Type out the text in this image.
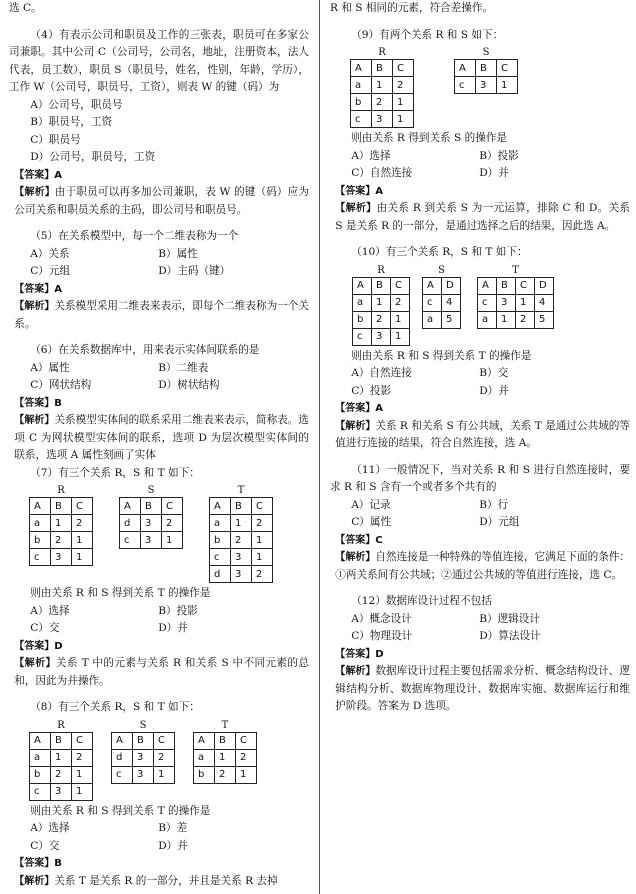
选 C。

（4）有表示公司和职员及工作的三张表，职员可在多家公司兼职。其中公司 C（公司号，公司名，地址，注册资本，法人代表，员工数），职员 S（职员号，姓名，性别，年龄，学历），工作 W（公司号，职员号，工资），则表 W 的键（码）为

A）公司号，职员号
B）职员号，工资
C）职员号
D）公司号，职员号，工资

【答案】A

【解析】由于职员可以再多加公司兼职，表 W 的键（码）应为公司关系和职员关系的主码，即公司号和职员号。

（5）在关系模型中，每一个二维表称为一个

A）关系	B）属性
C）元组	D）主码（键）

【答案】A

【解析】关系模型采用二维表来表示，即每个二维表称为一个关系。

（6）在关系数据库中，用来表示实体间联系的是

A）属性	B）二维表
C）网状结构	D）树状结构

【答案】B

【解析】关系模型实体间的联系采用二维表来表示，简称表。选项 C 为网状模型实体间的联系，选项 D 为层次模型实体间的联系，选项 A 属性刻画了实体

（7）有三个关系 R，S 和 T 如下：

R
A	B	C
a	1	2
b	2	1
c	3	1
S
A	B	C
d	3	2
c	3	1
T
A	B	C
a	1	2
b	2	1
c	3	1
d	3	2

则由关系 R 和 S 得到关系 T 的操作是

A）选择	B）投影
C）交	D）并

【答案】D

【解析】关系 T 中的元素与关系 R 和关系 S 中不同元素的总和，因此为并操作。

（8）有三个关系 R，S 和 T 如下：

R
A	B	C
a	1	2
b	2	1
c	3	1
S
A	B	C
d	3	2
c	3	1
T
A	B	C
a	1	2
b	2	1

则由关系 R 和 S 得到关系 T 的操作是

A）选择	B）差
C）交	D）并

【答案】B

【解析】关系 T 是关系 R 的一部分，并且是关系 R 去掉

R 和 S 相同的元素，符合差操作。

（9）有两个关系 R 和 S 如下：

R
A	B	C
a	1	2
b	2	1
c	3	1
S
A	B	C
c	3	1

则由关系 R 得到关系 S 的操作是

A）选择	B）投影
C）自然连接	D）并

【答案】A

【解析】由关系 R 到关系 S 为一元运算，排除 C 和 D。关系 S 是关系 R 的一部分，是通过选择之后的结果，因此选 A。

（10）有三个关系 R，S 和 T 如下：

R
A	B	C
a	1	2
b	2	1
c	3	1
S
A	D
c	4
a	5
T
A	B	C	D
c	3	1	4
a	1	2	5

则由关系 R 和 S 得到关系 T 的操作是

A）自然连接	B）交
C）投影	D）并

【答案】A

【解析】关系 R 和关系 S 有公共域，关系 T 是通过公共域的等值进行连接的结果，符合自然连接，选 A。

（11）一般情况下，当对关系 R 和 S 进行自然连接时，要求 R 和 S 含有一个或者多个共有的

A）记录	B）行
C）属性	D）元组

【答案】C

【解析】自然连接是一种特殊的等值连接，它满足下面的条件：①两关系间有公共域；②通过公共域的等值进行连接，选 C。

（12）数据库设计过程不包括

A）概念设计	B）逻辑设计
C）物理设计	D）算法设计

【答案】D

【解析】数据库设计过程主要包括需求分析、概念结构设计、逻辑结构分析、数据库物理设计、数据库实施、数据库运行和维护阶段。答案为 D 选项。
